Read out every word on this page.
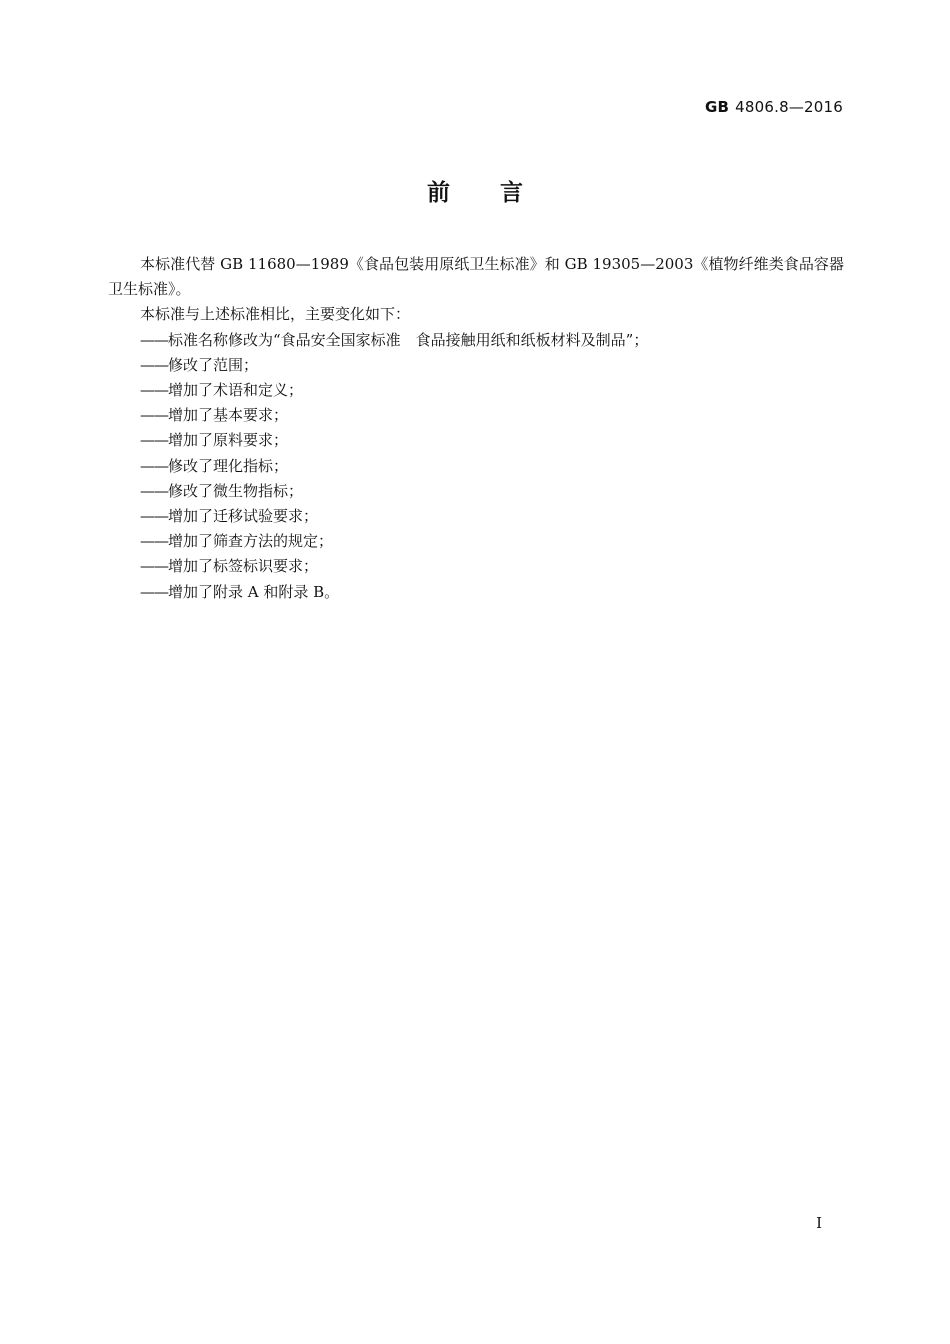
GB 4806.8—2016
前言

本标准代替 GB 11680—1989《食品包装用原纸卫生标准》和 GB 19305—2003《植物纤维类食品容器卫生标准》。

本标准与上述标准相比，主要变化如下：

——标准名称修改为“食品安全国家标准　食品接触用纸和纸板材料及制品”；
——修改了范围；
——增加了术语和定义；
——增加了基本要求；
——增加了原料要求；
——修改了理化指标；
——修改了微生物指标；
——增加了迁移试验要求；
——增加了筛查方法的规定；
——增加了标签标识要求；
——增加了附录 A 和附录 B。
I
